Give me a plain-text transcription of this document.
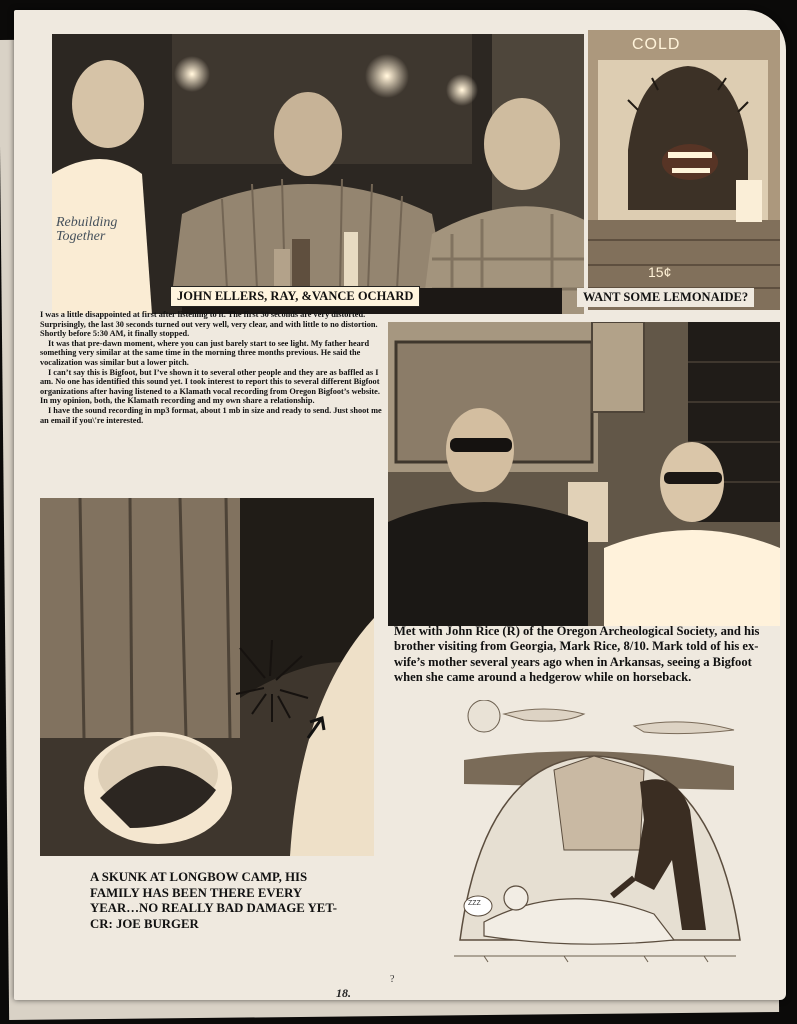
Rebuilding Together
JOHN ELLERS, RAY, &VANCE OCHARD
COLD
15¢
WANT SOME LEMONAIDE?

I was a little disappointed at first after listening to it. The first 30 seconds are very distorted. Surprisingly, the last 30 seconds turned out very well, very clear, and with little to no distortion. Shortly before 5:30 AM, it finally stopped.

It was that pre-dawn moment, where you can just barely start to see light. My father heard something very similar at the same time in the morning three months previous. He said the vocalization was similar but a lower pitch.

I can’t say this is Bigfoot, but I’ve shown it to several other people and they are as baffled as I am. No one has identified this sound yet. I took interest to report this to several different Bigfoot organizations after having listened to a Klamath vocal recording from Oregon Bigfoot’s website. In my opinion, both, the Klamath recording and my own share a relationship.

I have the sound recording in mp3 format, about 1 mb in size and ready to send. Just shoot me an email if you\'re interested.

Met with John Rice (R) of the Oregon Archeological Society, and his brother visiting from Georgia, Mark Rice, 8/10. Mark told of his ex-wife’s mother several years ago when in Arkansas, seeing a Bigfoot when she came around a hedgerow while on horseback.
A SKUNK AT LONGBOW CAMP, HIS FAMILY HAS BEEN THERE EVERY YEAR…NO REALLY BAD DAMAGE YET-CR: JOE BURGER
ZZZ
?
18.
